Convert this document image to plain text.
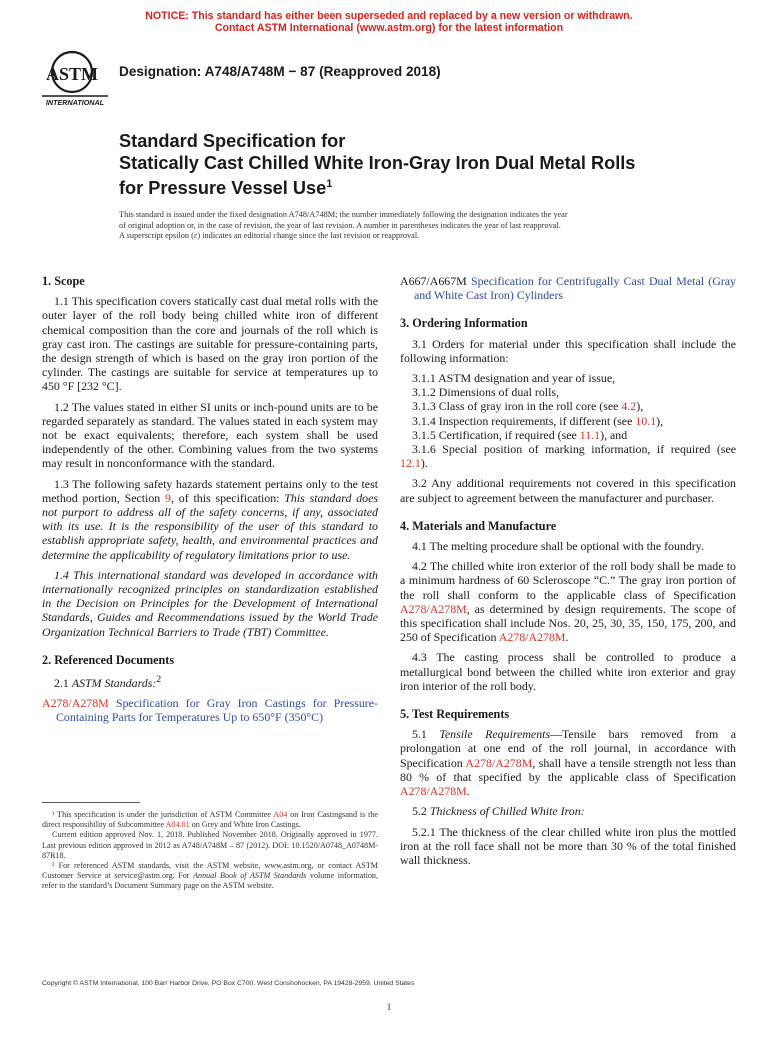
NOTICE: This standard has either been superseded and replaced by a new version or withdrawn.
Contact ASTM International (www.astm.org) for the latest information
ASTM
INTERNATIONAL
Designation: A748/A748M − 87 (Reapproved 2018)
Standard Specification for
Statically Cast Chilled White Iron-Gray Iron Dual Metal Rolls
for Pressure Vessel Use$^1$
This standard is issued under the fixed designation A748/A748M; the number immediately following the designation indicates the year
of original adoption or, in the case of revision, the year of last revision. A number in parentheses indicates the year of last reapproval.
A superscript epsilon (ε) indicates an editorial change since the last revision or reapproval.
1. Scope

1.1 This specification covers statically cast dual metal rolls with the outer layer of the roll body being chilled white iron of different chemical composition than the core and journals of the roll which is gray cast iron. The castings are suitable for pressure-containing parts, the design strength of which is based on the gray iron portion of the cylinder. The castings are suitable for service at temperatures up to 450 °F [232 °C].

1.2 The values stated in either SI units or inch-pound units are to be regarded separately as standard. The values stated in each system may not be exact equivalents; therefore, each system shall be used independently of the other. Combining values from the two systems may result in nonconformance with the standard.

1.3 The following safety hazards statement pertains only to the test method portion, Section 9, of this specification: This standard does not purport to address all of the safety concerns, if any, associated with its use. It is the responsibility of the user of this standard to establish appropriate safety, health, and environmental practices and determine the applicability of regulatory limitations prior to use.

1.4 This international standard was developed in accordance with internationally recognized principles on standardization established in the Decision on Principles for the Development of International Standards, Guides and Recommendations issued by the World Trade Organization Technical Barriers to Trade (TBT) Committee.

2. Referenced Documents

2.1 ASTM Standards:$^2$

A278/A278M Specification for Gray Iron Castings for Pressure-Containing Parts for Temperatures Up to 650°F (350°C)
A667/A667M Specification for Centrifugally Cast Dual Metal (Gray and White Cast Iron) Cylinders
3. Ordering Information

3.1 Orders for material under this specification shall include the following information:

3.1.1 ASTM designation and year of issue,
3.1.2 Dimensions of dual rolls,
3.1.3 Class of gray iron in the roll core (see 4.2),
3.1.4 Inspection requirements, if different (see 10.1),
3.1.5 Certification, if required (see 11.1), and

3.1.6 Special position of marking information, if required (see 12.1).

3.2 Any additional requirements not covered in this specification are subject to agreement between the manufacturer and purchaser.

4. Materials and Manufacture

4.1 The melting procedure shall be optional with the foundry.

4.2 The chilled white iron exterior of the roll body shall be made to a minimum hardness of 60 Scleroscope “C.” The gray iron portion of the roll shall conform to the applicable class of Specification A278/A278M, as determined by design requirements. The scope of this specification shall include Nos. 20, 25, 30, 35, 150, 175, 200, and 250 of Specification A278/A278M.

4.3 The casting process shall be controlled to produce a metallurgical bond between the chilled white iron exterior and gray iron interior of the roll body.

5. Test Requirements

5.1 Tensile Requirements—Tensile bars removed from a prolongation at one end of the roll journal, in accordance with Specification A278/A278M, shall have a tensile strength not less than 80 % of that specified by the applicable class of Specification A278/A278M.

5.2 Thickness of Chilled White Iron:

5.2.1 The thickness of the clear chilled white iron plus the mottled iron at the roll face shall not be more than 30 % of the total finished wall thickness.

¹ This specification is under the jurisdiction of ASTM Committee A04 on Iron Castingsand is the direct responsibility of Subcommittee A04.01 on Grey and White Iron Castings.

Current edition approved Nov. 1, 2018. Published November 2018. Originally approved in 1977. Last previous edition approved in 2012 as A748/A748M – 87 (2012). DOI: 10.1520/A0748_A0748M-87R18.

² For referenced ASTM standards, visit the ASTM website, www.astm.org, or contact ASTM Customer Service at service@astm.org. For Annual Book of ASTM Standards volume information, refer to the standard’s Document Summary page on the ASTM website.

Copyright © ASTM International, 100 Barr Harbor Drive, PO Box C700, West Conshohocken, PA 19428-2959. United States
1
